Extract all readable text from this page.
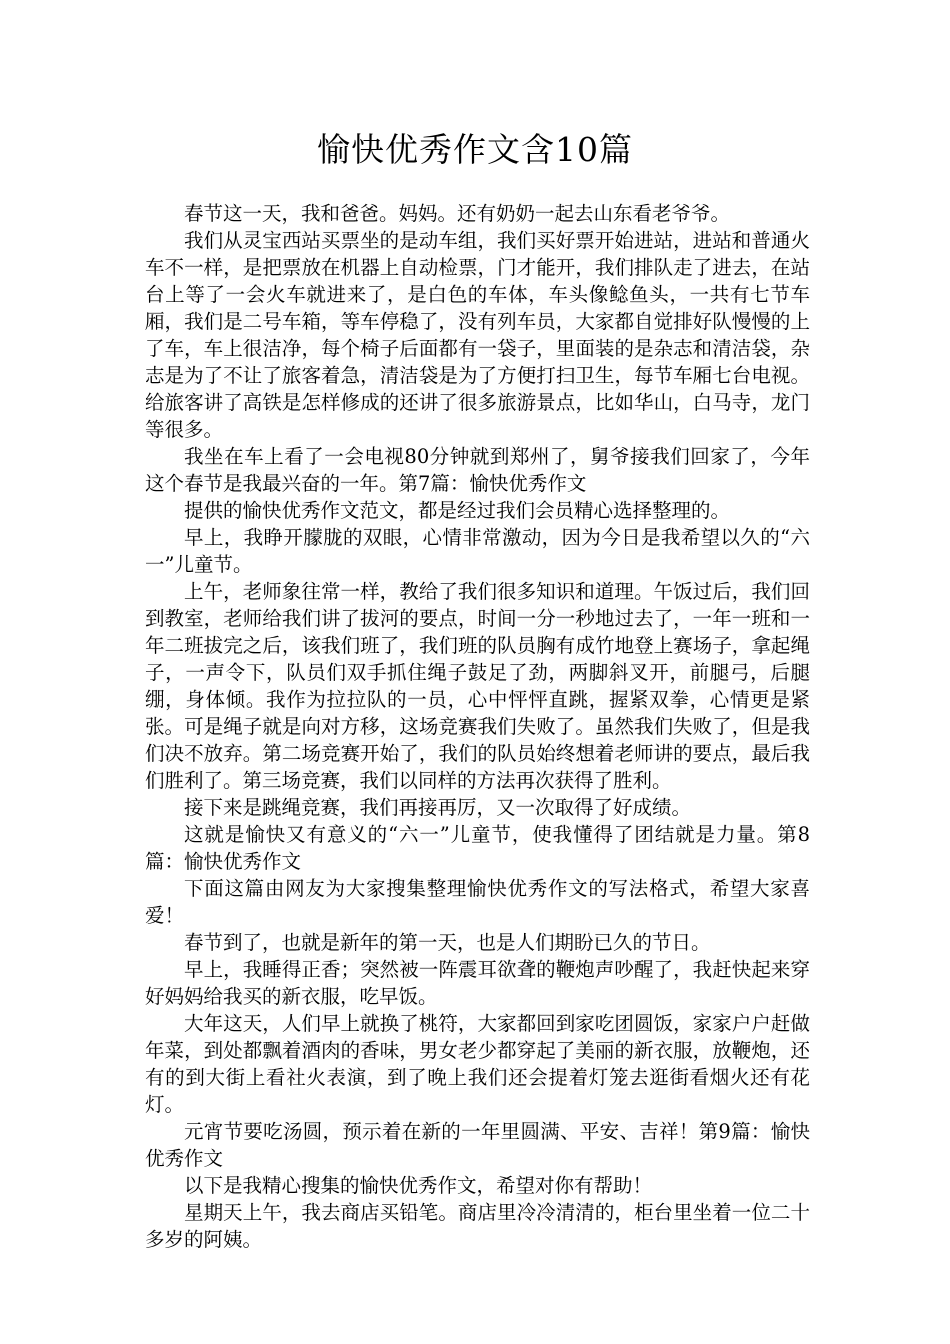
愉快优秀作文含10篇

春节这一天，我和爸爸。妈妈。还有奶奶一起去山东看老爷爷。

我们从灵宝西站买票坐的是动车组，我们买好票开始进站，进站和普通火车不一样，是把票放在机器上自动检票，门才能开，我们排队走了进去，在站台上等了一会火车就进来了，是白色的车体，车头像鲶鱼头，一共有七节车厢，我们是二号车箱，等车停稳了，没有列车员，大家都自觉排好队慢慢的上了车，车上很洁净，每个椅子后面都有一袋子，里面装的是杂志和清洁袋，杂志是为了不让了旅客着急，清洁袋是为了方便打扫卫生，每节车厢七台电视。给旅客讲了高铁是怎样修成的还讲了很多旅游景点，比如华山，白马寺，龙门等很多。

我坐在车上看了一会电视80分钟就到郑州了，舅爷接我们回家了，今年这个春节是我最兴奋的一年。第7篇：愉快优秀作文

提供的愉快优秀作文范文，都是经过我们会员精心选择整理的。

早上，我睁开朦胧的双眼，心情非常激动，因为今日是我希望以久的“六一”儿童节。

上午，老师象往常一样，教给了我们很多知识和道理。午饭过后，我们回到教室，老师给我们讲了拔河的要点，时间一分一秒地过去了，一年一班和一年二班拔完之后，该我们班了，我们班的队员胸有成竹地登上赛场子，拿起绳子，一声令下，队员们双手抓住绳子鼓足了劲，两脚斜叉开，前腿弓，后腿绷，身体倾。我作为拉拉队的一员，心中怦怦直跳，握紧双拳，心情更是紧张。可是绳子就是向对方移，这场竞赛我们失败了。虽然我们失败了，但是我们决不放弃。第二场竞赛开始了，我们的队员始终想着老师讲的要点，最后我们胜利了。第三场竞赛，我们以同样的方法再次获得了胜利。

接下来是跳绳竞赛，我们再接再厉，又一次取得了好成绩。

这就是愉快又有意义的“六一”儿童节，使我懂得了团结就是力量。第8篇：愉快优秀作文

下面这篇由网友为大家搜集整理愉快优秀作文的写法格式，希望大家喜爱！

春节到了，也就是新年的第一天，也是人们期盼已久的节日。

早上，我睡得正香；突然被一阵震耳欲聋的鞭炮声吵醒了，我赶快起来穿好妈妈给我买的新衣服，吃早饭。

大年这天，人们早上就换了桃符，大家都回到家吃团圆饭，家家户户赶做年菜，到处都飘着酒肉的香味，男女老少都穿起了美丽的新衣服，放鞭炮，还有的到大街上看社火表演，到了晚上我们还会提着灯笼去逛街看烟火还有花灯。

元宵节要吃汤圆，预示着在新的一年里圆满、平安、吉祥！第9篇：愉快优秀作文

以下是我精心搜集的愉快优秀作文，希望对你有帮助！

星期天上午，我去商店买铅笔。商店里冷冷清清的，柜台里坐着一位二十多岁的阿姨。
